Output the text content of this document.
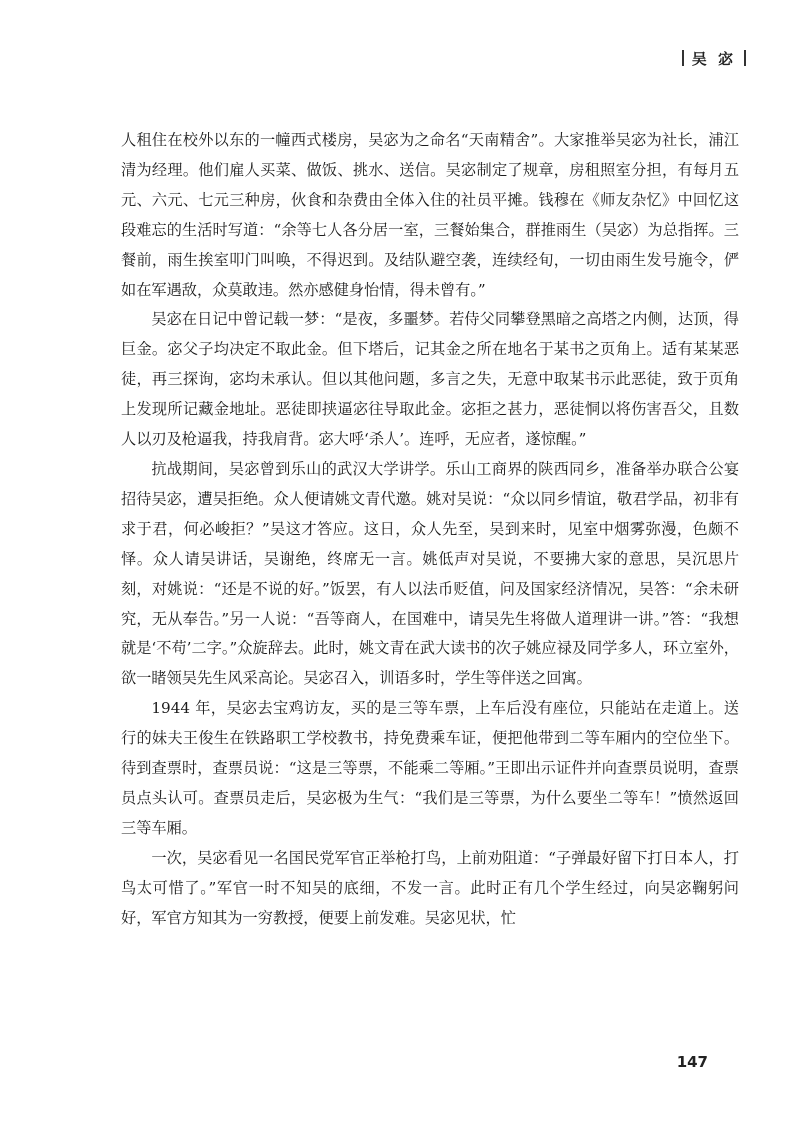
吴 宓

人租住在校外以东的一幢西式楼房，吴宓为之命名“天南精舍”。大家推举吴宓为社长，浦江清为经理。他们雇人买菜、做饭、挑水、送信。吴宓制定了规章，房租照室分担，有每月五元、六元、七元三种房，伙食和杂费由全体入住的社员平摊。钱穆在《师友杂忆》中回忆这段难忘的生活时写道：“余等七人各分居一室，三餐始集合，群推雨生（吴宓）为总指挥。三餐前，雨生挨室叩门叫唤，不得迟到。及结队避空袭，连续经旬，一切由雨生发号施令，俨如在军遇敌，众莫敢违。然亦感健身怡情，得未曾有。”

吴宓在日记中曾记载一梦：“是夜，多噩梦。若侍父同攀登黑暗之高塔之内侧，达顶，得巨金。宓父子均决定不取此金。但下塔后，记其金之所在地名于某书之页角上。适有某某恶徒，再三探询，宓均未承认。但以其他问题，多言之失，无意中取某书示此恶徒，致于页角上发现所记藏金地址。恶徒即挟逼宓往导取此金。宓拒之甚力，恶徒恫以将伤害吾父，且数人以刃及枪逼我，持我肩背。宓大呼‘杀人’。连呼，无应者，遂惊醒。”

抗战期间，吴宓曾到乐山的武汉大学讲学。乐山工商界的陕西同乡，准备举办联合公宴招待吴宓，遭吴拒绝。众人便请姚文青代邀。姚对吴说：“众以同乡情谊，敬君学品，初非有求于君，何必峻拒？”吴这才答应。这日，众人先至，吴到来时，见室中烟雾弥漫，色颇不怿。众人请吴讲话，吴谢绝，终席无一言。姚低声对吴说，不要拂大家的意思，吴沉思片刻，对姚说：“还是不说的好。”饭罢，有人以法币贬值，问及国家经济情况，吴答：“余未研究，无从奉告。”另一人说：“吾等商人，在国难中，请吴先生将做人道理讲一讲。”答：“我想就是‘不苟’二字。”众旋辞去。此时，姚文青在武大读书的次子姚应禄及同学多人，环立室外，欲一睹领吴先生风采高论。吴宓召入，训语多时，学生等伴送之回寓。

1944 年，吴宓去宝鸡访友，买的是三等车票，上车后没有座位，只能站在走道上。送行的妹夫王俊生在铁路职工学校教书，持免费乘车证，便把他带到二等车厢内的空位坐下。待到查票时，查票员说：“这是三等票，不能乘二等厢。”王即出示证件并向查票员说明，查票员点头认可。查票员走后，吴宓极为生气：“我们是三等票，为什么要坐二等车！”愤然返回三等车厢。

一次，吴宓看见一名国民党军官正举枪打鸟，上前劝阻道：“子弹最好留下打日本人，打鸟太可惜了。”军官一时不知吴的底细，不发一言。此时正有几个学生经过，向吴宓鞠躬问好，军官方知其为一穷教授，便要上前发难。吴宓见状，忙

147
